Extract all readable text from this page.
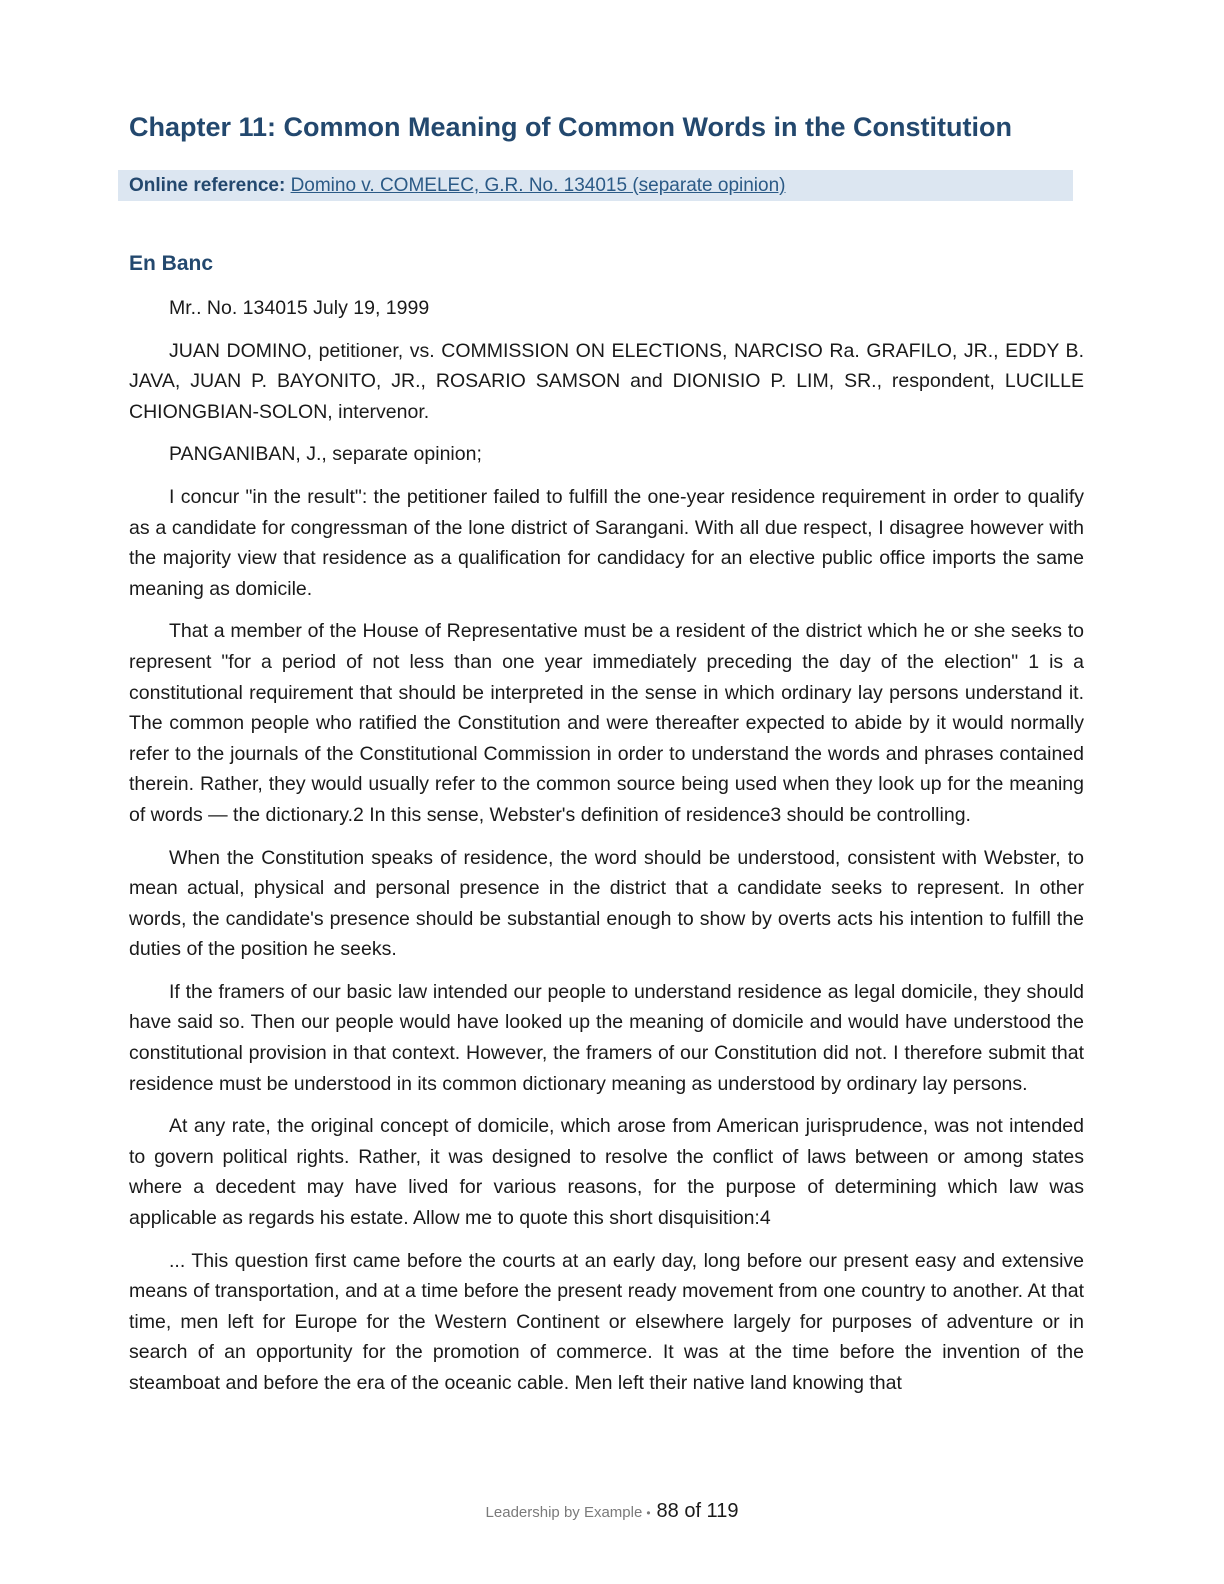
Chapter 11: Common Meaning of Common Words in the Constitution
Online reference: Domino v. COMELEC, G.R. No. 134015 (separate opinion)
En Banc

Mr.. No. 134015 July 19, 1999

JUAN DOMINO, petitioner, vs. COMMISSION ON ELECTIONS, NARCISO Ra. GRAFILO, JR., EDDY B. JAVA, JUAN P. BAYONITO, JR., ROSARIO SAMSON and DIONISIO P. LIM, SR., respondent, LUCILLE CHIONGBIAN-SOLON, intervenor.

PANGANIBAN, J., separate opinion;

I concur "in the result": the petitioner failed to fulfill the one-year residence requirement in order to qualify as a candidate for congressman of the lone district of Sarangani. With all due respect, I disagree however with the majority view that residence as a qualification for candidacy for an elective public office imports the same meaning as domicile.

That a member of the House of Representative must be a resident of the district which he or she seeks to represent "for a period of not less than one year immediately preceding the day of the election" 1 is a constitutional requirement that should be interpreted in the sense in which ordinary lay persons understand it. The common people who ratified the Constitution and were thereafter expected to abide by it would normally refer to the journals of the Constitutional Commission in order to understand the words and phrases contained therein. Rather, they would usually refer to the common source being used when they look up for the meaning of words — the dictionary.2 In this sense, Webster's definition of residence3 should be controlling.

When the Constitution speaks of residence, the word should be understood, consistent with Webster, to mean actual, physical and personal presence in the district that a candidate seeks to represent. In other words, the candidate's presence should be substantial enough to show by overts acts his intention to fulfill the duties of the position he seeks.

If the framers of our basic law intended our people to understand residence as legal domicile, they should have said so. Then our people would have looked up the meaning of domicile and would have understood the constitutional provision in that context. However, the framers of our Constitution did not. I therefore submit that residence must be understood in its common dictionary meaning as understood by ordinary lay persons.

At any rate, the original concept of domicile, which arose from American jurisprudence, was not intended to govern political rights. Rather, it was designed to resolve the conflict of laws between or among states where a decedent may have lived for various reasons, for the purpose of determining which law was applicable as regards his estate. Allow me to quote this short disquisition:4

... This question first came before the courts at an early day, long before our present easy and extensive means of transportation, and at a time before the present ready movement from one country to another. At that time, men left for Europe for the Western Continent or elsewhere largely for purposes of adventure or in search of an opportunity for the promotion of commerce. It was at the time before the invention of the steamboat and before the era of the oceanic cable. Men left their native land knowing that

Leadership by Example • 88 of 119
